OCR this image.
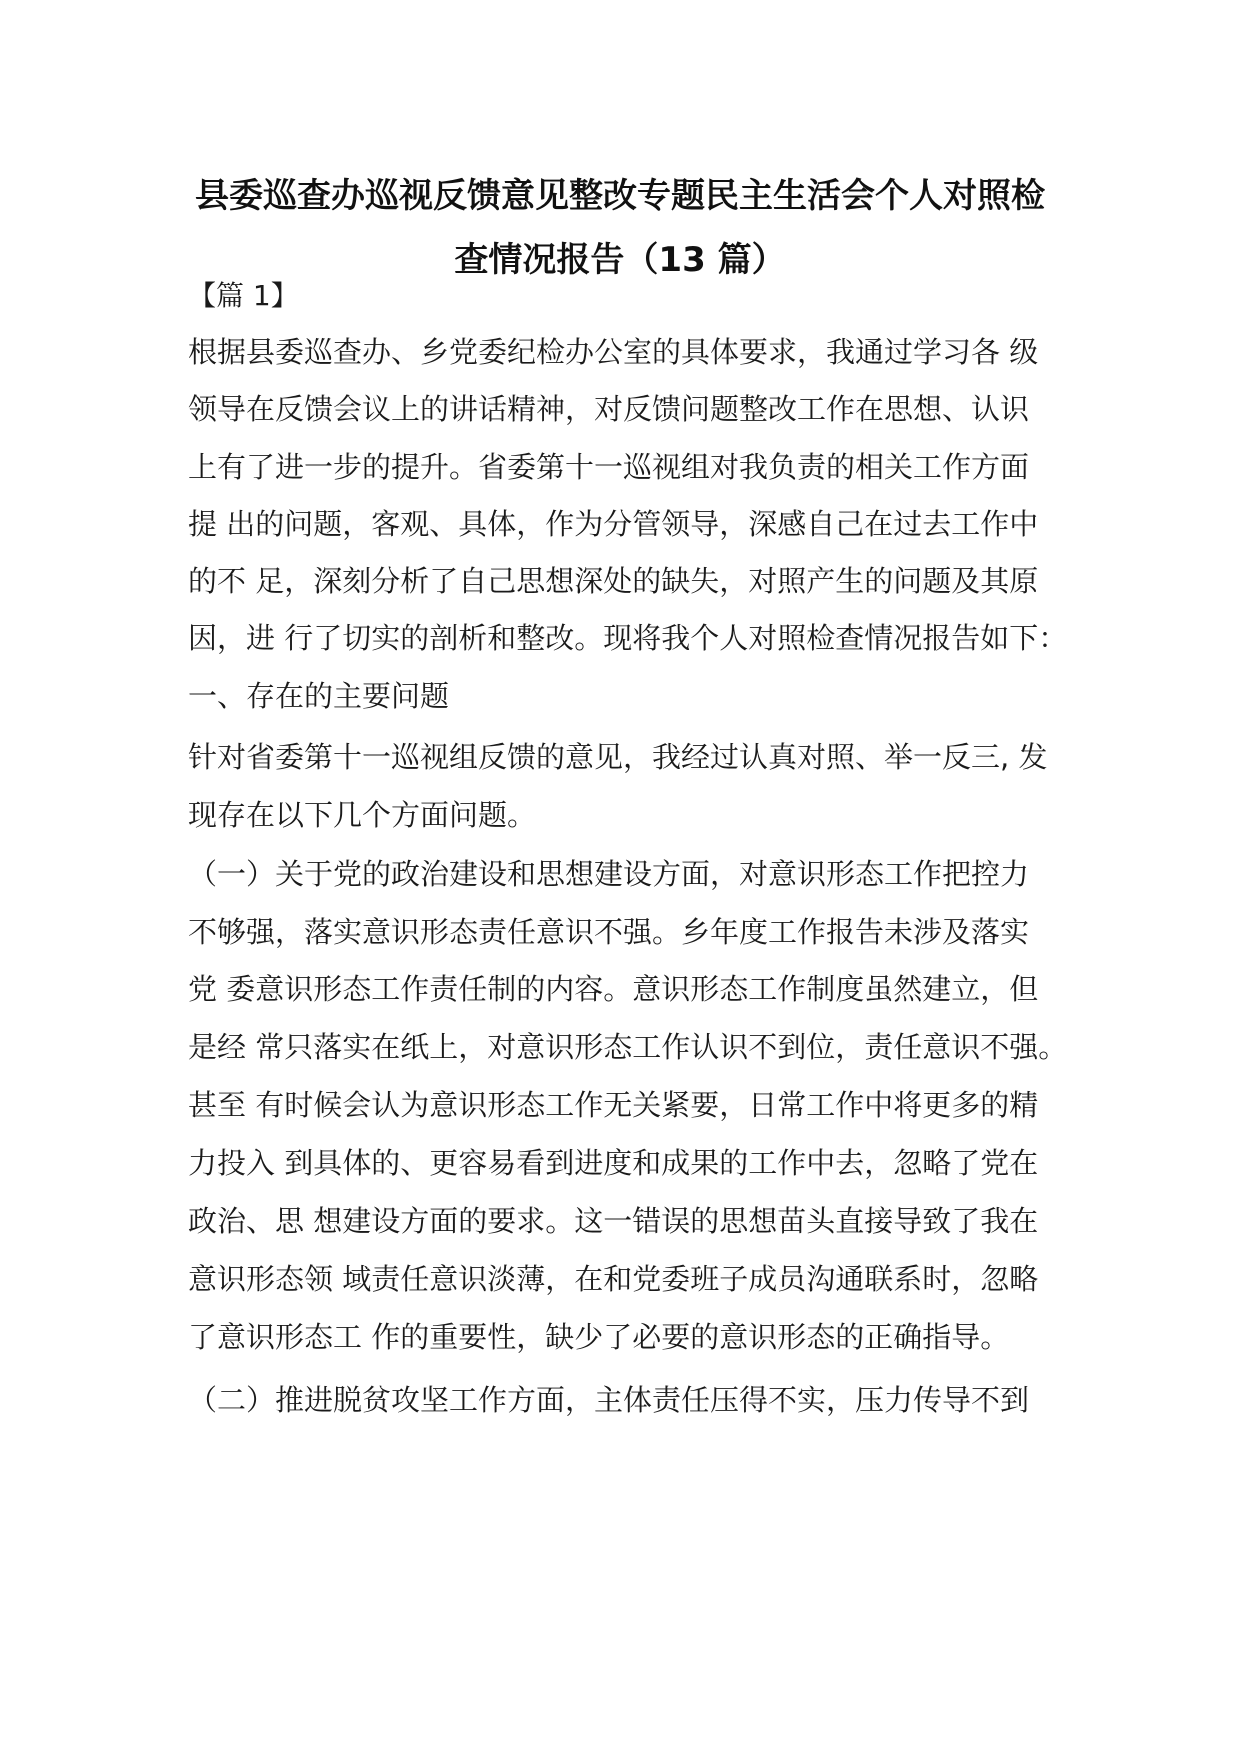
县委巡查办巡视反馈意见整改专题民主生活会个人对照检
查情况报告（13 篇）
【篇 1】
根据县委巡查办、乡党委纪检办公室的具体要求，我通过学习各 级
领导在反馈会议上的讲话精神，对反馈问题整改工作在思想、认识
上有了进一步的提升。省委第十一巡视组对我负责的相关工作方面
提 出的问题，客观、具体，作为分管领导，深感自己在过去工作中
的不 足，深刻分析了自己思想深处的缺失，对照产生的问题及其原
因，进 行了切实的剖析和整改。现将我个人对照检查情况报告如下：
一、存在的主要问题
针对省委第十一巡视组反馈的意见，我经过认真对照、举一反三, 发
现存在以下几个方面问题。
（一）关于党的政治建设和思想建设方面，对意识形态工作把控力
不够强，落实意识形态责任意识不强。乡年度工作报告未涉及落实
党 委意识形态工作责任制的内容。意识形态工作制度虽然建立，但
是经 常只落实在纸上，对意识形态工作认识不到位，责任意识不强。
甚至 有时候会认为意识形态工作无关紧要，日常工作中将更多的精
力投入 到具体的、更容易看到进度和成果的工作中去，忽略了党在
政治、思 想建设方面的要求。这一错误的思想苗头直接导致了我在
意识形态领 域责任意识淡薄，在和党委班子成员沟通联系时，忽略
了意识形态工 作的重要性，缺少了必要的意识形态的正确指导。
（二）推进脱贫攻坚工作方面，主体责任压得不实，压力传导不到
